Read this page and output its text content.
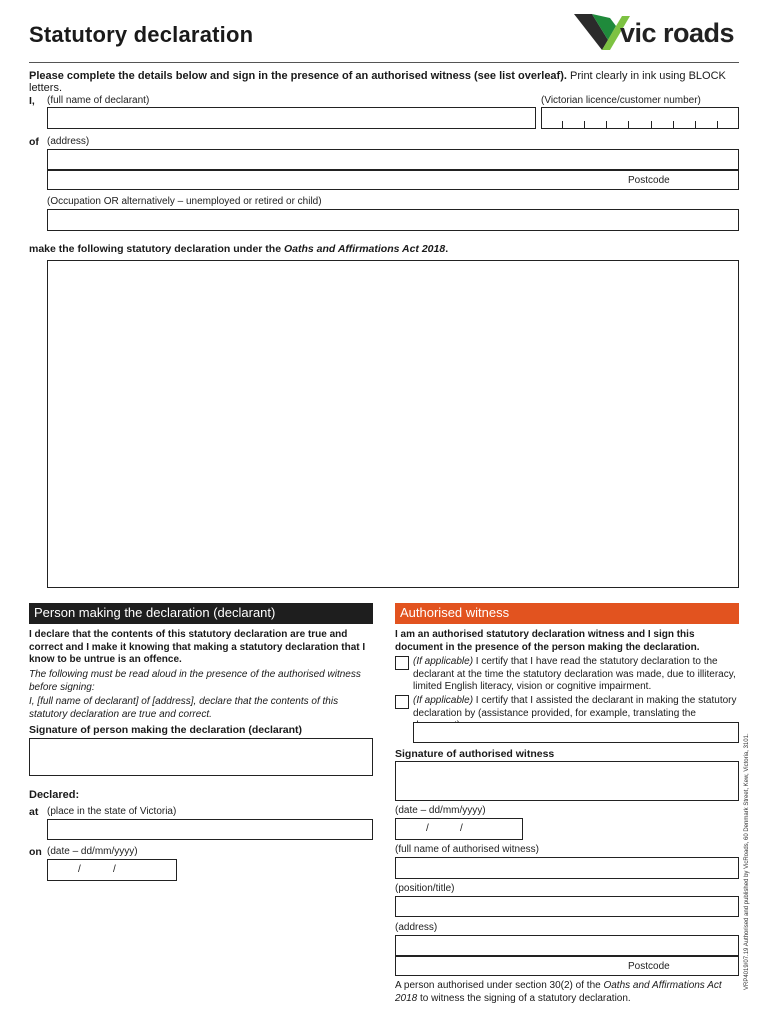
Statutory declaration	vic roads
Please complete the details below and sign in the presence of an authorised witness (see list overleaf). Print clearly in ink using BLOCK letters.
I, (full name of declarant)	(Victorian licence/customer number)
of (address)
Postcode
(Occupation OR alternatively – unemployed or retired or child)
make the following statutory declaration under the Oaths and Affirmations Act 2018.
Person making the declaration (declarant)
I declare that the contents of this statutory declaration are true and correct and I make it knowing that making a statutory declaration that I know to be untrue is an offence.
The following must be read aloud in the presence of the authorised witness before signing:
I, [full name of declarant] of [address], declare that the contents of this statutory declaration are true and correct.
Signature of person making the declaration (declarant)
Declared:
at (place in the state of Victoria)
on (date – dd/mm/yyyy)
/	/
Authorised witness
I am an authorised statutory declaration witness and I sign this document in the presence of the person making the declaration.
(If applicable) I certify that I have read the statutory declaration to the declarant at the time the statutory declaration was made, due to illiteracy, limited English literacy, vision or cognitive impairment.
(If applicable) I certify that I assisted the declarant in making the statutory declaration by (assistance provided, for example, translating the
Signature of authorised witness
(date – dd/mm/yyyy)
/	/
(full name of authorised witness)
(position/title)
(address)
Postcode
A person authorised under section 30(2) of the Oaths and Affirmations Act 2018 to witness the signing of a statutory declaration.
VRP4019/07.19 Authorised and published by VicRoads, 60 Denmark Street, Kew, Victoria, 3101.
